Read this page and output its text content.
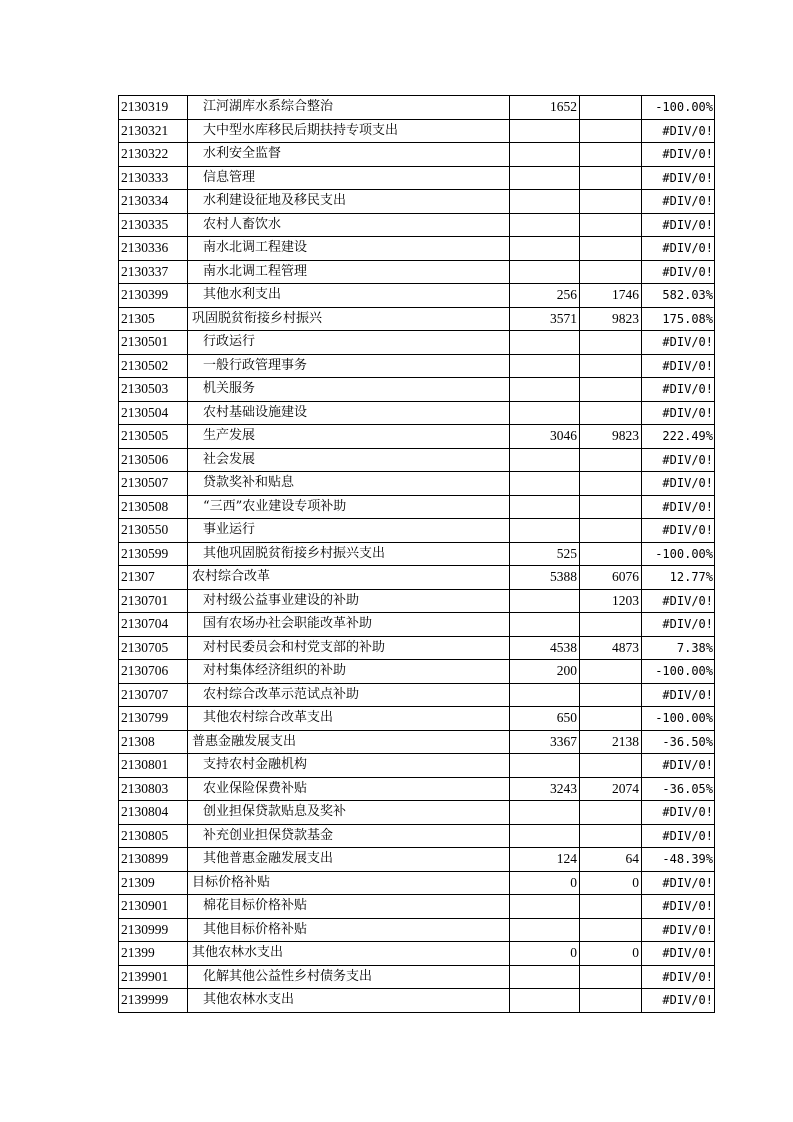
2130319	江河湖库水系综合整治	1652		-100.00%
2130321	大中型水库移民后期扶持专项支出			#DIV/0!
2130322	水利安全监督			#DIV/0!
2130333	信息管理			#DIV/0!
2130334	水利建设征地及移民支出			#DIV/0!
2130335	农村人畜饮水			#DIV/0!
2130336	南水北调工程建设			#DIV/0!
2130337	南水北调工程管理			#DIV/0!
2130399	其他水利支出	256	1746	582.03%
21305	巩固脱贫衔接乡村振兴	3571	9823	175.08%
2130501	行政运行			#DIV/0!
2130502	一般行政管理事务			#DIV/0!
2130503	机关服务			#DIV/0!
2130504	农村基础设施建设			#DIV/0!
2130505	生产发展	3046	9823	222.49%
2130506	社会发展			#DIV/0!
2130507	贷款奖补和贴息			#DIV/0!
2130508	“三西”农业建设专项补助			#DIV/0!
2130550	事业运行			#DIV/0!
2130599	其他巩固脱贫衔接乡村振兴支出	525		-100.00%
21307	农村综合改革	5388	6076	12.77%
2130701	对村级公益事业建设的补助		1203	#DIV/0!
2130704	国有农场办社会职能改革补助			#DIV/0!
2130705	对村民委员会和村党支部的补助	4538	4873	7.38%
2130706	对村集体经济组织的补助	200		-100.00%
2130707	农村综合改革示范试点补助			#DIV/0!
2130799	其他农村综合改革支出	650		-100.00%
21308	普惠金融发展支出	3367	2138	-36.50%
2130801	支持农村金融机构			#DIV/0!
2130803	农业保险保费补贴	3243	2074	-36.05%
2130804	创业担保贷款贴息及奖补			#DIV/0!
2130805	补充创业担保贷款基金			#DIV/0!
2130899	其他普惠金融发展支出	124	64	-48.39%
21309	目标价格补贴	0	0	#DIV/0!
2130901	棉花目标价格补贴			#DIV/0!
2130999	其他目标价格补贴			#DIV/0!
21399	其他农林水支出	0	0	#DIV/0!
2139901	化解其他公益性乡村债务支出			#DIV/0!
2139999	其他农林水支出			#DIV/0!
